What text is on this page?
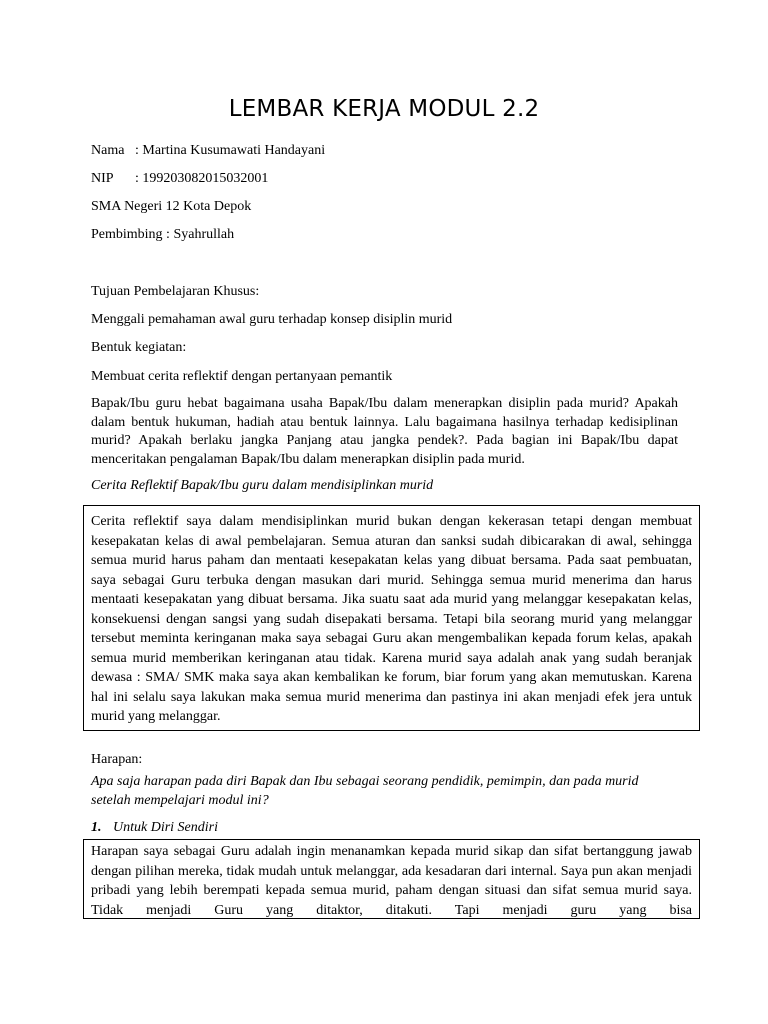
LEMBAR KERJA MODUL 2.2
Nama : Martina Kusumawati Handayani
NIP : 199203082015032001
SMA Negeri 12 Kota Depok
Pembimbing : Syahrullah
Tujuan Pembelajaran Khusus:
Menggali pemahaman awal guru terhadap konsep disiplin murid
Bentuk kegiatan:
Membuat cerita reflektif dengan pertanyaan pemantik
Bapak/Ibu guru hebat bagaimana usaha Bapak/Ibu dalam menerapkan disiplin pada murid? Apakah dalam bentuk hukuman, hadiah atau bentuk lainnya. Lalu bagaimana hasilnya terhadap kedisiplinan murid? Apakah berlaku jangka Panjang atau jangka pendek?. Pada bagian ini Bapak/Ibu dapat menceritakan pengalaman Bapak/Ibu dalam menerapkan disiplin pada murid.
Cerita Reflektif Bapak/Ibu guru dalam mendisiplinkan murid
Cerita reflektif saya dalam mendisiplinkan murid bukan dengan kekerasan tetapi dengan membuat kesepakatan kelas di awal pembelajaran. Semua aturan dan sanksi sudah dibicarakan di awal, sehingga semua murid harus paham dan mentaati kesepakatan kelas yang dibuat bersama. Pada saat pembuatan, saya sebagai Guru terbuka dengan masukan dari murid. Sehingga semua murid menerima dan harus mentaati kesepakatan yang dibuat bersama. Jika suatu saat ada murid yang melanggar kesepakatan kelas, konsekuensi dengan sangsi yang sudah disepakati bersama. Tetapi bila seorang murid yang melanggar tersebut meminta keringanan maka saya sebagai Guru akan mengembalikan kepada forum kelas, apakah semua murid memberikan keringanan atau tidak. Karena murid saya adalah anak yang sudah beranjak dewasa : SMA/ SMK maka saya akan kembalikan ke forum, biar forum yang akan memutuskan. Karena hal ini selalu saya lakukan maka semua murid menerima dan pastinya ini akan menjadi efek jera untuk murid yang melanggar.
Harapan:
Apa saja harapan pada diri Bapak dan Ibu sebagai seorang pendidik, pemimpin, dan pada murid setelah mempelajari modul ini?
1. Untuk Diri Sendiri
Harapan saya sebagai Guru adalah ingin menanamkan kepada murid sikap dan sifat bertanggung jawab dengan pilihan mereka, tidak mudah untuk melanggar, ada kesadaran dari internal. Saya pun akan menjadi pribadi yang lebih berempati kepada semua murid, paham dengan situasi dan sifat semua murid saya. Tidak menjadi Guru yang ditaktor, ditakuti. Tapi menjadi guru yang bisa
